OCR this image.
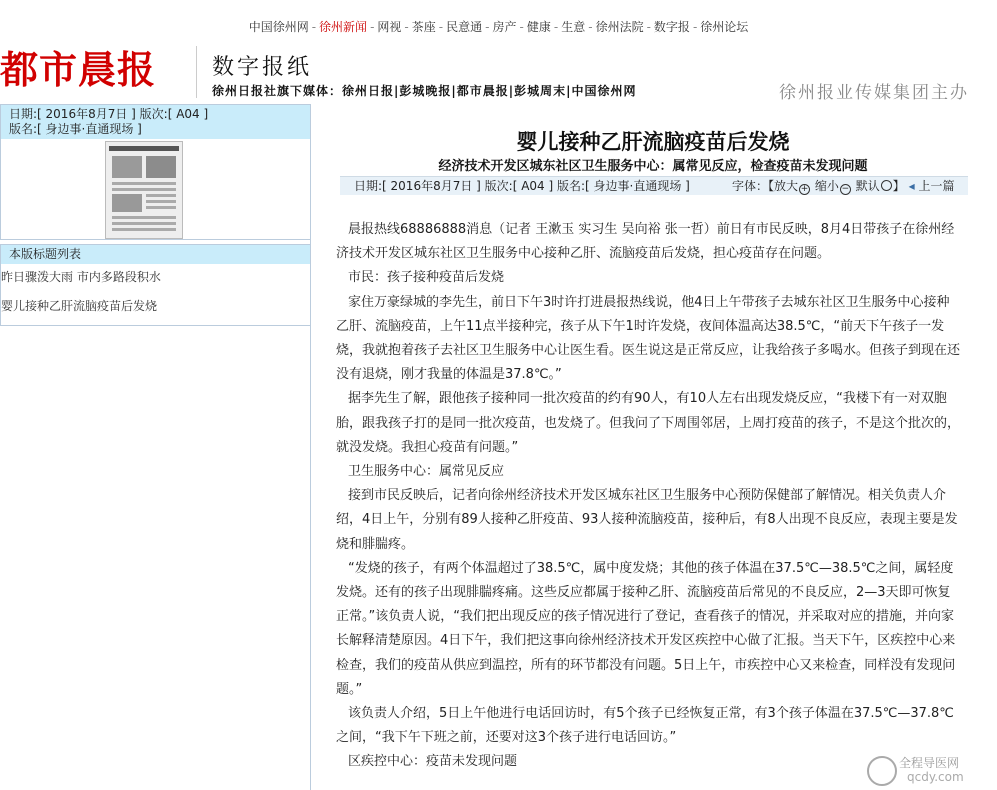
中国徐州网 - 徐州新闻 - 网视 - 茶座 - 民意通 - 房产 - 健康 - 生意 - 徐州法院 - 数字报 - 徐州论坛
都市晨报	数字报纸
徐州日报社旗下媒体：徐州日报|彭城晚报|都市晨报|彭城周末|中国徐州网	徐州报业传媒集团主办
日期:[ 2016年8月7日 ] 版次:[ A04 ]
版名:[ 身边事·直通现场 ]
本版标题列表
昨日骤泼大雨 市内多路段积水
婴儿接种乙肝流脑疫苗后发烧
婴儿接种乙肝流脑疫苗后发烧
经济技术开发区城东社区卫生服务中心：属常见反应，检查疫苗未发现问题
日期:[ 2016年8月7日 ] 版次:[ A04 ] 版名:[ 身边事·直通现场 ]	字体：【放大 + 缩小 − 默认 】 ◂ 上一篇

晨报热线68886888消息（记者 王漱玉 实习生 吴向裕 张一哲）前日有市民反映，8月4日带孩子在徐州经济技术开发区城东社区卫生服务中心接种乙肝、流脑疫苗后发烧，担心疫苗存在问题。

市民：孩子接种疫苗后发烧

家住万豪绿城的李先生，前日下午3时许打进晨报热线说，他4日上午带孩子去城东社区卫生服务中心接种乙肝、流脑疫苗，上午11点半接种完，孩子从下午1时许发烧，夜间体温高达38.5℃，“前天下午孩子一发烧，我就抱着孩子去社区卫生服务中心让医生看。医生说这是正常反应，让我给孩子多喝水。但孩子到现在还没有退烧，刚才我量的体温是37.8℃。”

据李先生了解，跟他孩子接种同一批次疫苗的约有90人，有10人左右出现发烧反应，“我楼下有一对双胞胎，跟我孩子打的是同一批次疫苗，也发烧了。但我问了下周围邻居，上周打疫苗的孩子，不是这个批次的，就没发烧。我担心疫苗有问题。”

卫生服务中心：属常见反应

接到市民反映后，记者向徐州经济技术开发区城东社区卫生服务中心预防保健部了解情况。相关负责人介绍，4日上午，分别有89人接种乙肝疫苗、93人接种流脑疫苗，接种后，有8人出现不良反应，表现主要是发烧和腓腨疼。

“发烧的孩子，有两个体温超过了38.5℃，属中度发烧；其他的孩子体温在37.5℃—38.5℃之间，属轻度发烧。还有的孩子出现腓腨疼痛。这些反应都属于接种乙肝、流脑疫苗后常见的不良反应，2—3天即可恢复正常。”该负责人说，“我们把出现反应的孩子情况进行了登记，查看孩子的情况，并采取对应的措施，并向家长解释清楚原因。4日下午，我们把这事向徐州经济技术开发区疾控中心做了汇报。当天下午，区疾控中心来检查，我们的疫苗从供应到温控，所有的环节都没有问题。5日上午，市疾控中心又来检查，同样没有发现问题。”

该负责人介绍，5日上午他进行电话回访时，有5个孩子已经恢复正常，有3个孩子体温在37.5℃—37.8℃之间，“我下午下班之前，还要对这3个孩子进行电话回访。”

区疾控中心：疫苗未发现问题	全程导医网
qcdy.com
